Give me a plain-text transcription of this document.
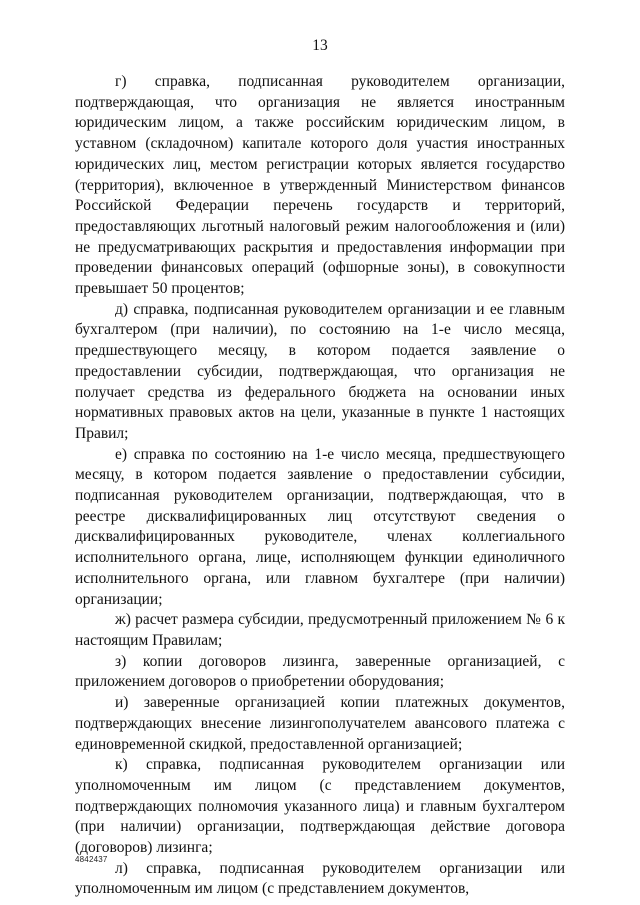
13

г) справка, подписанная руководителем организации, подтверждающая, что организация не является иностранным юридическим лицом, а также российским юридическим лицом, в уставном (складочном) капитале которого доля участия иностранных юридических лиц, местом регистрации которых является государство (территория), включенное в утвержденный Министерством финансов Российской Федерации перечень государств и территорий, предоставляющих льготный налоговый режим налогообложения и (или) не предусматривающих раскрытия и предоставления информации при проведении финансовых операций (офшорные зоны), в совокупности превышает 50 процентов;

д) справка, подписанная руководителем организации и ее главным бухгалтером (при наличии), по состоянию на 1-е число месяца, предшествующего месяцу, в котором подается заявление о предоставлении субсидии, подтверждающая, что организация не получает средства из федерального бюджета на основании иных нормативных правовых актов на цели, указанные в пункте 1 настоящих Правил;

е) справка по состоянию на 1-е число месяца, предшествующего месяцу, в котором подается заявление о предоставлении субсидии, подписанная руководителем организации, подтверждающая, что в реестре дисквалифицированных лиц отсутствуют сведения о дисквалифицированных руководителе, членах коллегиального исполнительного органа, лице, исполняющем функции единоличного исполнительного органа, или главном бухгалтере (при наличии) организации;

ж) расчет размера субсидии, предусмотренный приложением № 6 к настоящим Правилам;

з) копии договоров лизинга, заверенные организацией, с приложением договоров о приобретении оборудования;

и) заверенные организацией копии платежных документов, подтверждающих внесение лизингополучателем авансового платежа с единовременной скидкой, предоставленной организацией;

к) справка, подписанная руководителем организации или уполномоченным им лицом (с представлением документов, подтверждающих полномочия указанного лица) и главным бухгалтером (при наличии) организации, подтверждающая действие договора (договоров) лизинга;

л) справка, подписанная руководителем организации или уполномоченным им лицом (с представлением документов,

4842437
